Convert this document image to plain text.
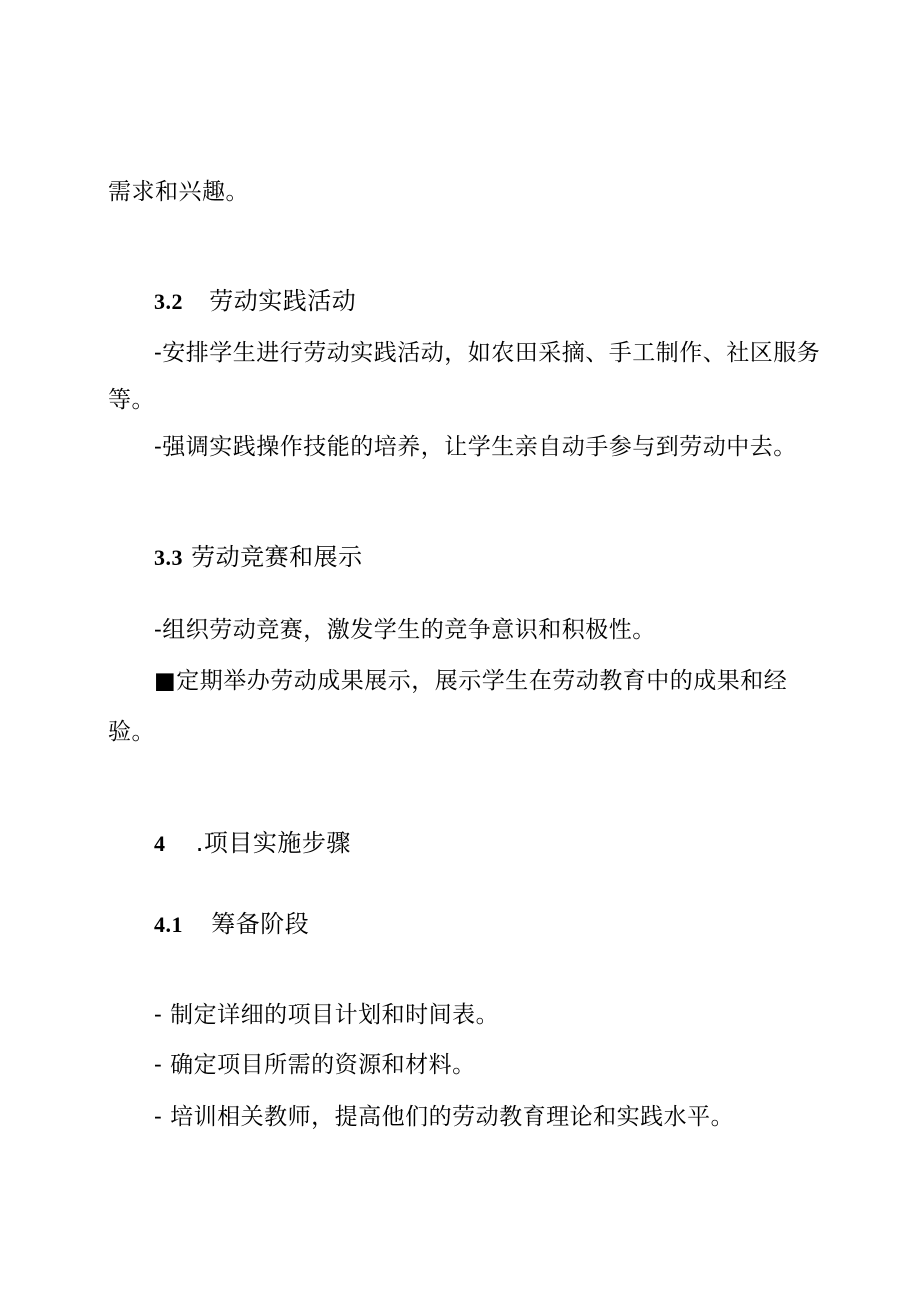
需求和兴趣。
3.2 劳动实践活动
-安排学生进行劳动实践活动，如农田采摘、手工制作、社区服务
等。
-强调实践操作技能的培养，让学生亲自动手参与到劳动中去。
3.3 劳动竞赛和展示
-组织劳动竞赛，激发学生的竞争意识和积极性。
■定期举办劳动成果展示，展示学生在劳动教育中的成果和经
验。
4 .项目实施步骤
4.1 筹备阶段
- 制定详细的项目计划和时间表。
- 确定项目所需的资源和材料。
- 培训相关教师，提高他们的劳动教育理论和实践水平。
